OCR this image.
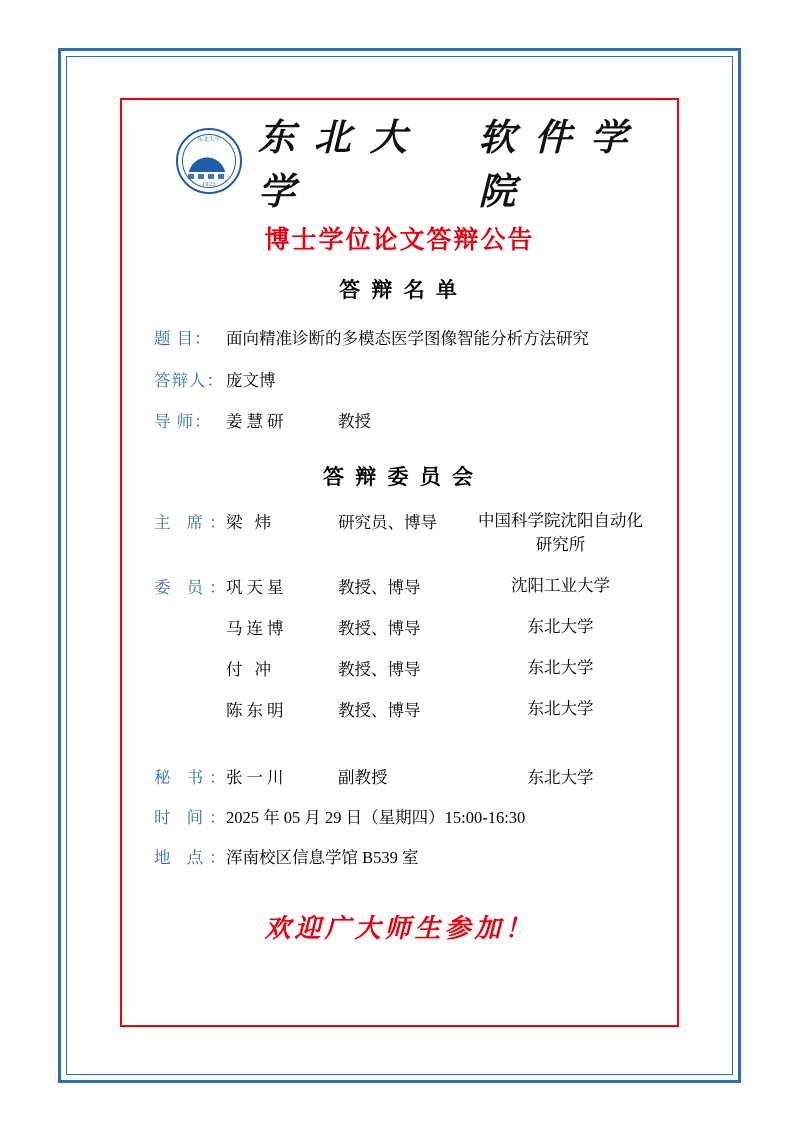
东北大学
1923
东 北 大 学
软 件 学 院
博士学位论文答辩公告
答 辩 名 单
题 目： 面向精准诊断的多模态医学图像智能分析方法研究
答辩人： 庞文博
导 师： 姜慧研	教授
答 辩 委 员 会
主 席：
梁 炜	研究员、博导	中国科学院沈阳自动化研究所
委 员：
巩天星	教授、博导	沈阳工业大学
马连博	教授、博导	东北大学
付 冲	教授、博导	东北大学
陈东明	教授、博导	东北大学
秘 书：
张一川	副教授	东北大学
时 间：
2025 年 05 月 29 日（星期四）15:00-16:30
地 点：
浑南校区信息学馆 B539 室
欢迎广大师生参加！
